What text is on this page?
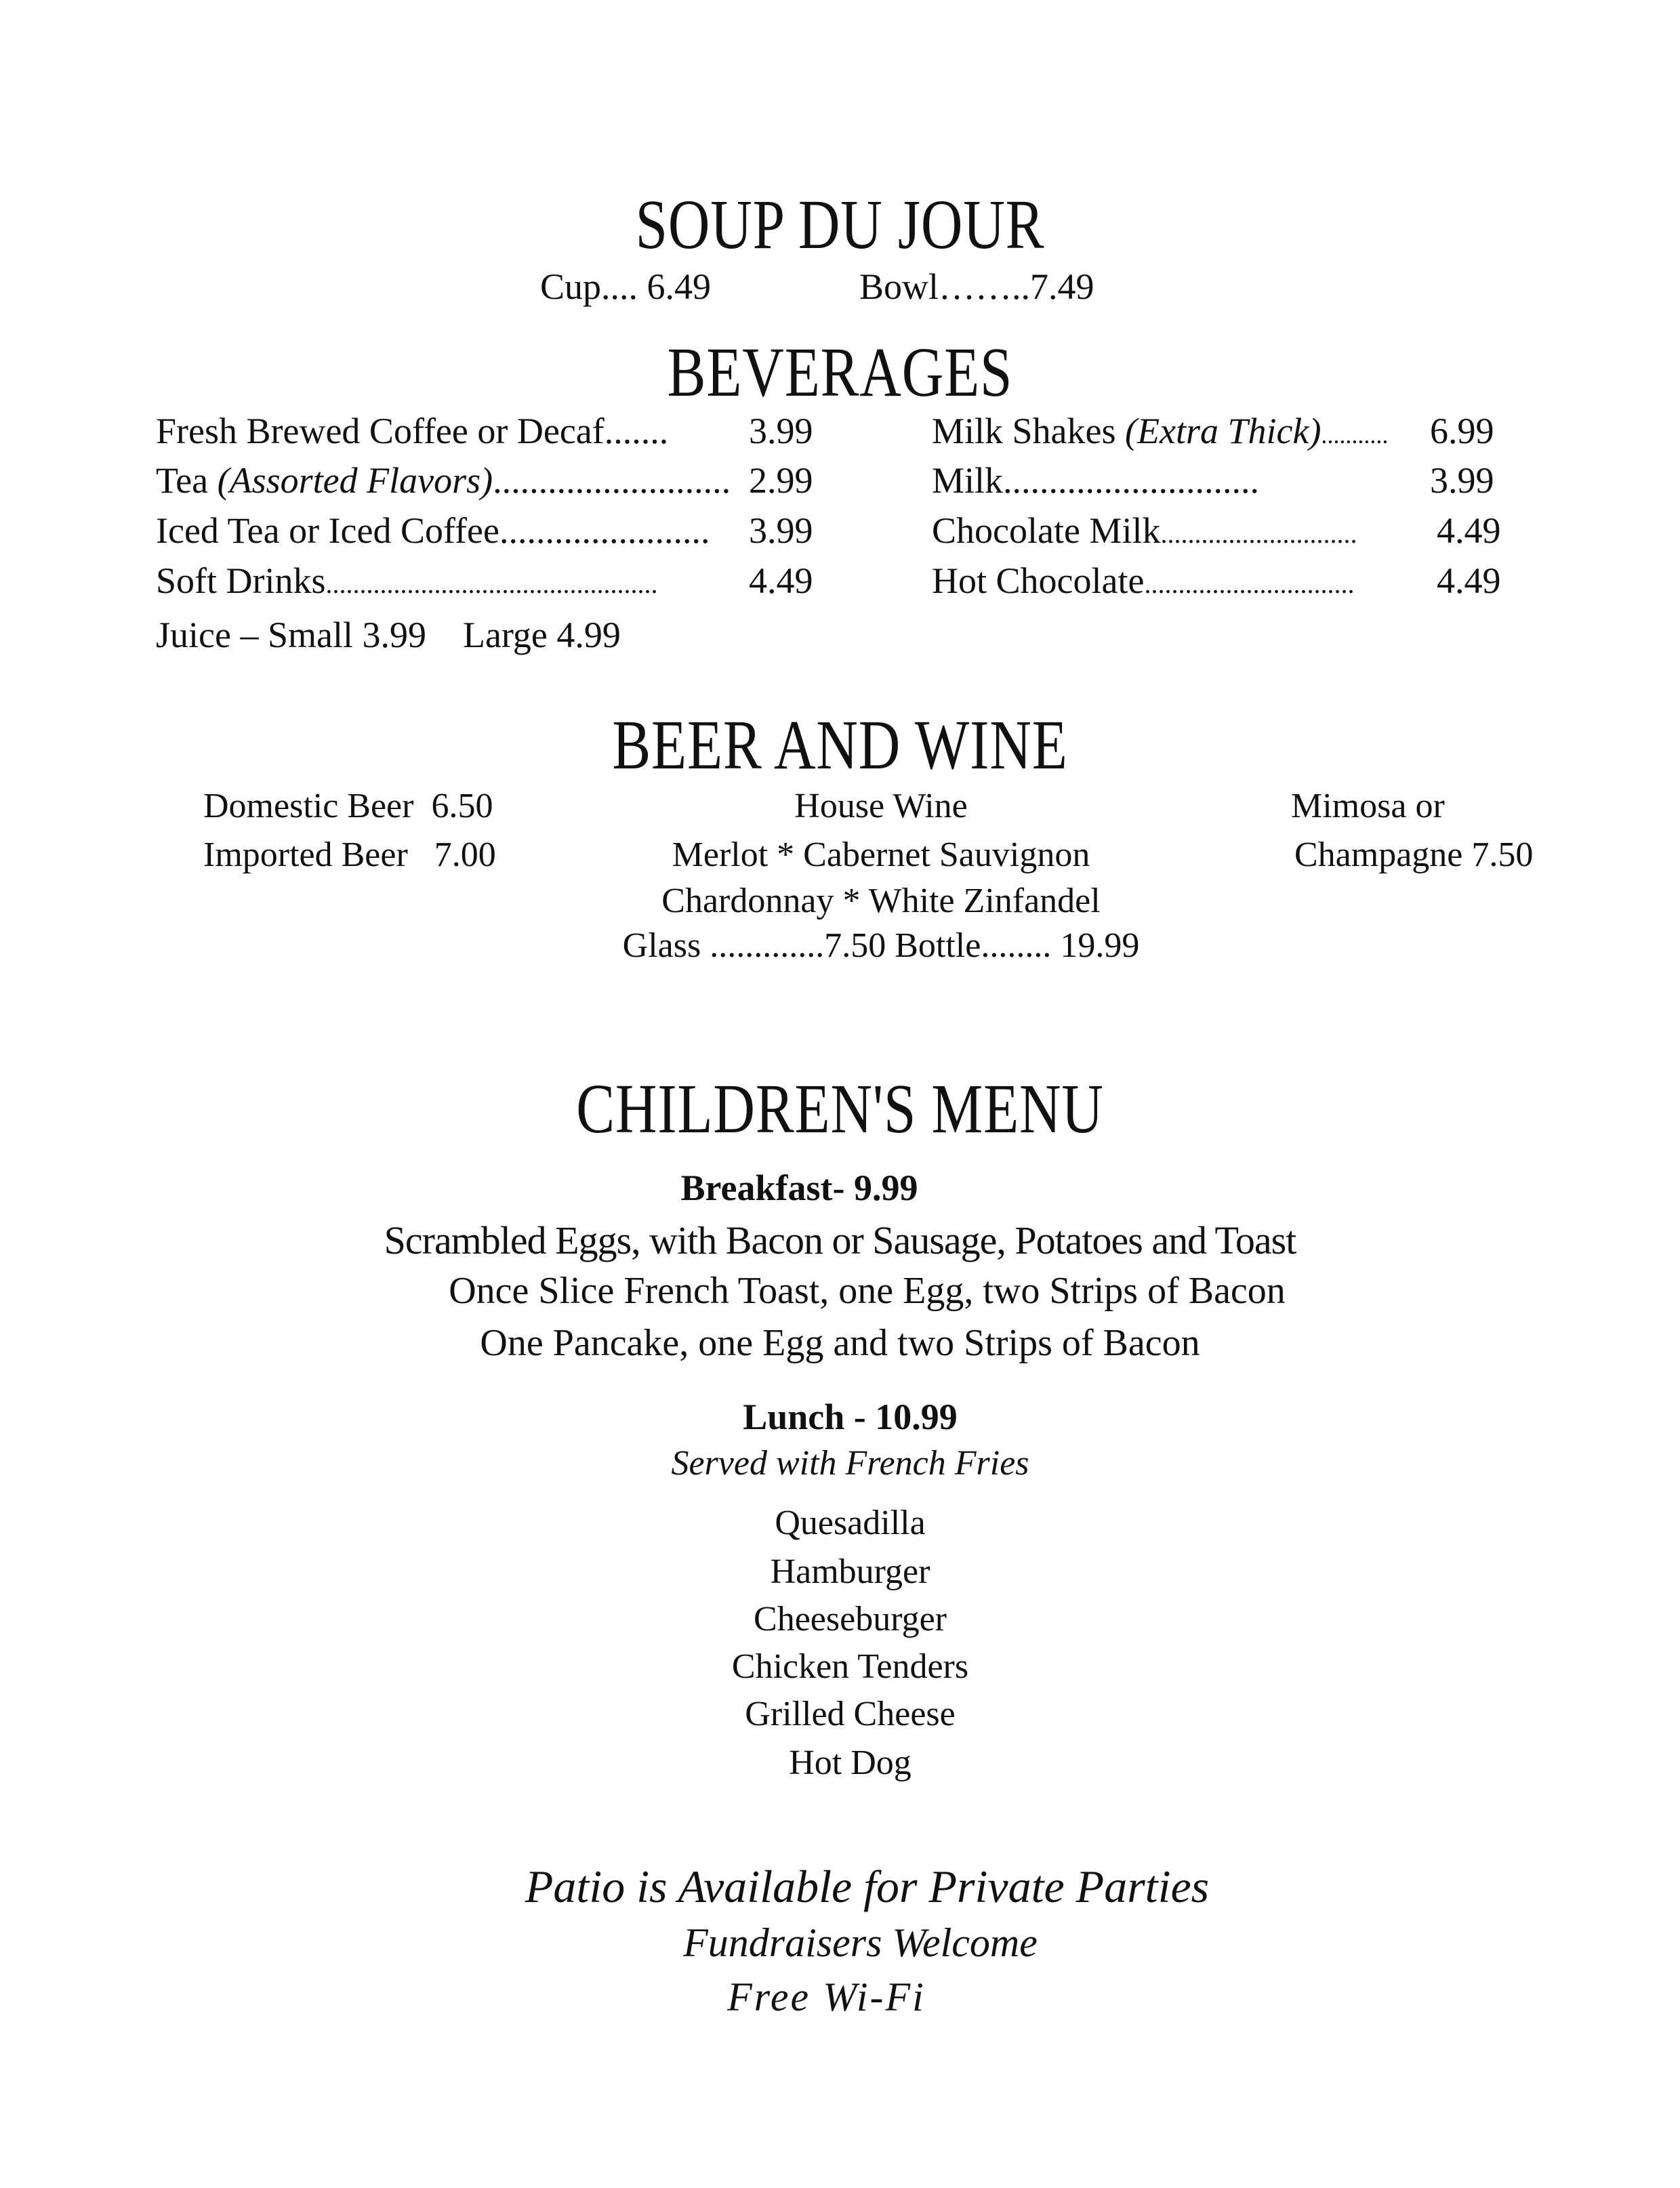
SOUP DU JOUR
Cup.... 6.49	Bowl……..7.49
BEVERAGES
Fresh Brewed Coffee or Decaf....... 3.99
Tea (Assorted Flavors).......................... 2.99
Iced Tea or Iced Coffee....................... 3.99
Soft Drinks................................................. 4.49
Juice – Small 3.99    Large 4.99
Milk Shakes (Extra Thick)........... 6.99
Milk............................	3.99
Chocolate Milk............................. 4.49
Hot Chocolate............................... 4.49
BEER AND WINE
Domestic Beer  6.50
Imported Beer   7.00
House Wine
Merlot * Cabernet Sauvignon
Chardonnay * White Zinfandel
Glass .............7.50 Bottle........ 19.99
Mimosa or
Champagne 7.50
CHILDREN'S MENU
Breakfast- 9.99
Scrambled Eggs, with Bacon or Sausage, Potatoes and Toast
Once Slice French Toast, one Egg, two Strips of Bacon
One Pancake, one Egg and two Strips of Bacon
Lunch - 10.99
Served with French Fries
Quesadilla
Hamburger
Cheeseburger
Chicken Tenders
Grilled Cheese
Hot Dog
Patio is Available for Private Parties
Fundraisers Welcome
Free Wi-Fi
